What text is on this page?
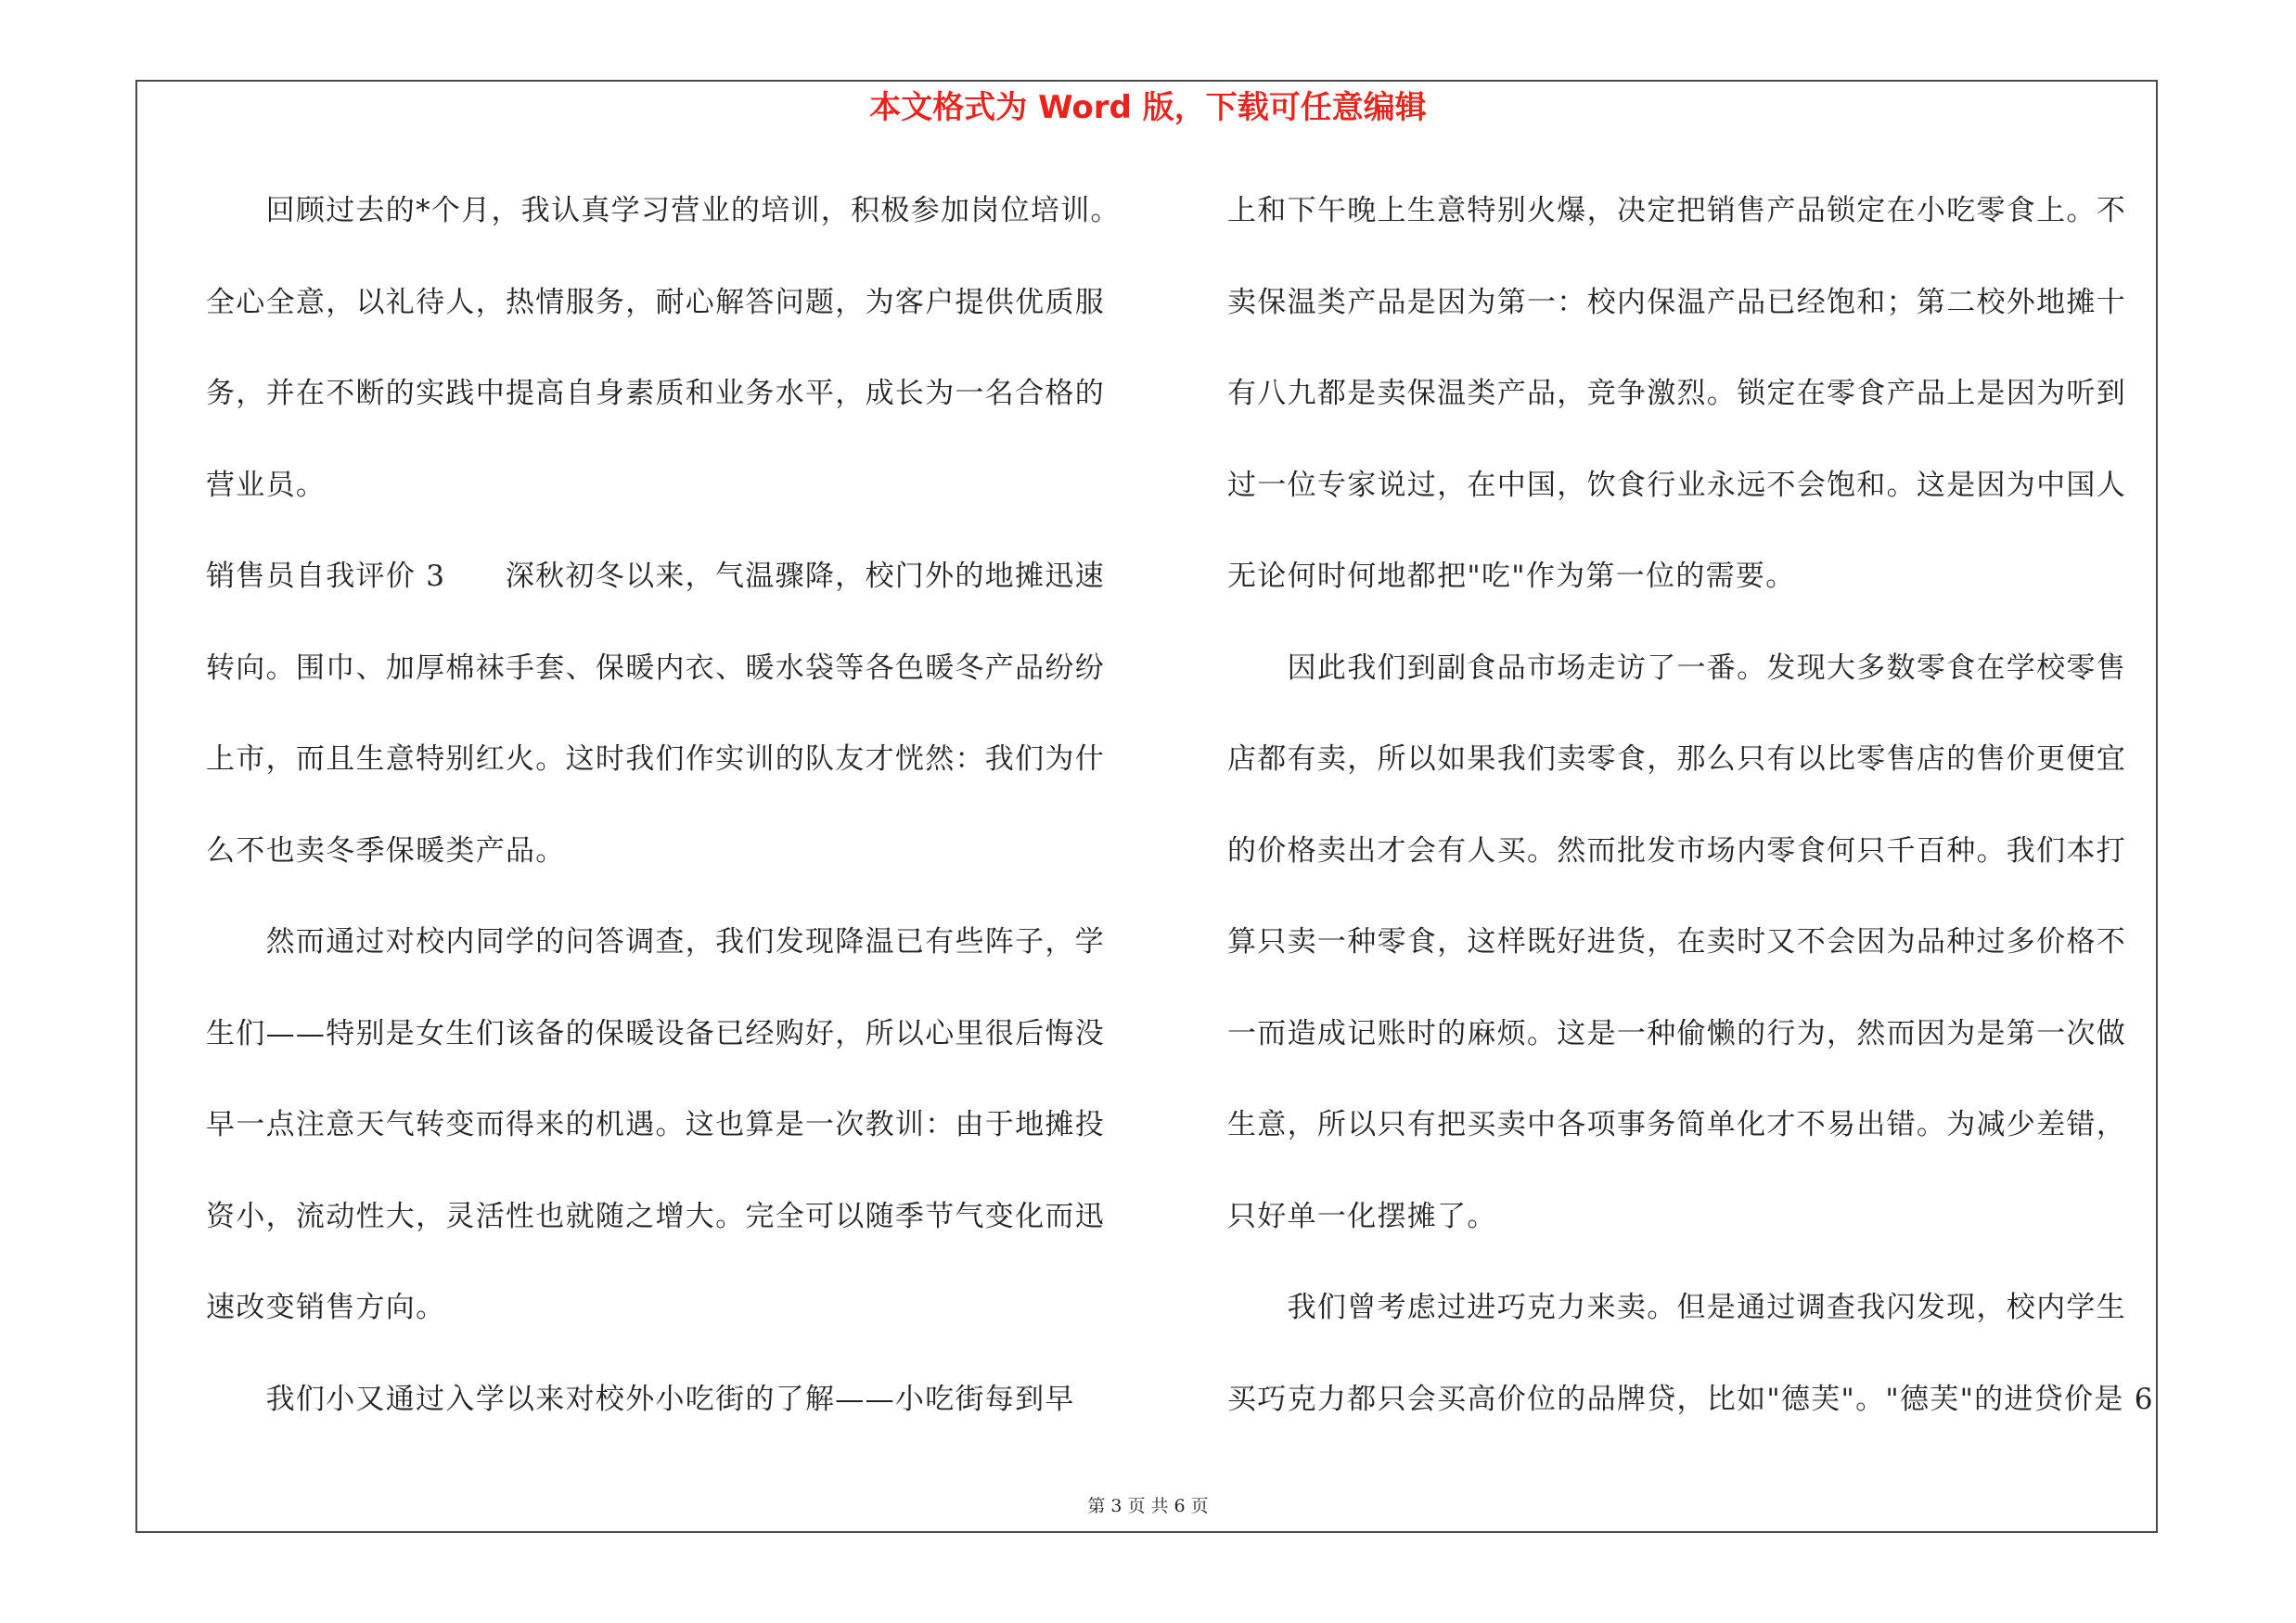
本文格式为 Word 版，下载可任意编辑
　　回顾过去的*个月，我认真学习营业的培训，积极参加岗位培训。
全心全意，以礼待人，热情服务，耐心解答问题，为客户提供优质服
务，并在不断的实践中提高自身素质和业务水平，成长为一名合格的
营业员。
销售员自我评价 3　　深秋初冬以来，气温骤降，校门外的地摊迅速
转向。围巾、加厚棉袜手套、保暖内衣、暖水袋等各色暖冬产品纷纷
上市，而且生意特别红火。这时我们作实训的队友才恍然：我们为什
么不也卖冬季保暖类产品。
　　然而通过对校内同学的问答调查，我们发现降温已有些阵子，学
生们——特别是女生们该备的保暖设备已经购好，所以心里很后悔没
早一点注意天气转变而得来的机遇。这也算是一次教训：由于地摊投
资小，流动性大，灵活性也就随之增大。完全可以随季节气变化而迅
速改变销售方向。
　　我们小又通过入学以来对校外小吃街的了解——小吃街每到早
上和下午晚上生意特别火爆，决定把销售产品锁定在小吃零食上。不
卖保温类产品是因为第一：校内保温产品已经饱和；第二校外地摊十
有八九都是卖保温类产品，竞争激烈。锁定在零食产品上是因为听到
过一位专家说过，在中国，饮食行业永远不会饱和。这是因为中国人
无论何时何地都把"吃"作为第一位的需要。
　　因此我们到副食品市场走访了一番。发现大多数零食在学校零售
店都有卖，所以如果我们卖零食，那么只有以比零售店的售价更便宜
的价格卖出才会有人买。然而批发市场内零食何只千百种。我们本打
算只卖一种零食，这样既好进货，在卖时又不会因为品种过多价格不
一而造成记账时的麻烦。这是一种偷懒的行为，然而因为是第一次做
生意，所以只有把买卖中各项事务简单化才不易出错。为减少差错，
只好单一化摆摊了。
　　我们曾考虑过进巧克力来卖。但是通过调查我闪发现，校内学生
买巧克力都只会买高价位的品牌贷，比如"德芙"。"德芙"的进贷价是 6
第 3 页 共 6 页
